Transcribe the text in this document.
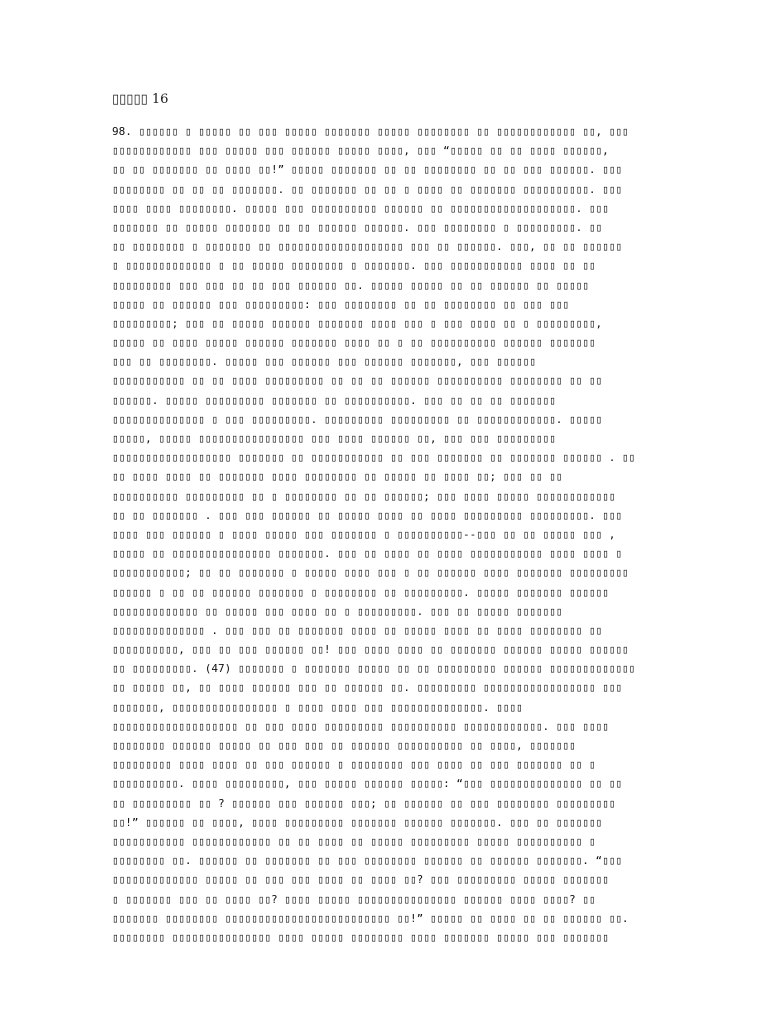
▯▯▯▯▯ 16
98. ▯▯▯▯▯▯ ▯ ▯▯▯▯▯ ▯▯ ▯▯▯ ▯▯▯▯▯ ▯▯▯▯▯▯▯ ▯▯▯▯▯ ▯▯▯▯▯▯▯▯ ▯▯ ▯▯▯▯▯▯▯▯▯▯▯▯ ▯▯, ▯▯▯
▯▯▯▯▯▯▯▯▯▯▯▯ ▯▯▯ ▯▯▯▯▯ ▯▯▯ ▯▯▯▯▯▯ ▯▯▯▯▯ ▯▯▯▯, ▯▯▯ “▯▯▯▯▯ ▯▯ ▯▯ ▯▯▯▯ ▯▯▯▯▯▯,
▯▯ ▯▯ ▯▯▯▯▯▯▯ ▯▯ ▯▯▯▯ ▯▯!” ▯▯▯▯▯ ▯▯▯▯▯▯▯ ▯▯ ▯▯ ▯▯▯▯▯▯▯▯ ▯▯ ▯▯ ▯▯▯ ▯▯▯▯▯▯. ▯▯▯
▯▯▯▯▯▯▯▯ ▯▯ ▯▯ ▯▯ ▯▯▯▯▯▯▯. ▯▯ ▯▯▯▯▯▯▯ ▯▯ ▯▯ ▯ ▯▯▯▯ ▯▯ ▯▯▯▯▯▯▯ ▯▯▯▯▯▯▯▯▯▯. ▯▯▯
▯▯▯▯ ▯▯▯▯ ▯▯▯▯▯▯▯▯. ▯▯▯▯▯ ▯▯▯ ▯▯▯▯▯▯▯▯▯▯ ▯▯▯▯▯▯ ▯▯ ▯▯▯▯▯▯▯▯▯▯▯▯▯▯▯▯▯▯▯. ▯▯▯
▯▯▯▯▯▯▯ ▯▯ ▯▯▯▯▯ ▯▯▯▯▯▯▯ ▯▯ ▯▯ ▯▯▯▯▯▯ ▯▯▯▯▯▯. ▯▯▯ ▯▯▯▯▯▯▯▯ ▯ ▯▯▯▯▯▯▯▯▯. ▯▯
▯▯ ▯▯▯▯▯▯▯▯ ▯ ▯▯▯▯▯▯▯ ▯▯ ▯▯▯▯▯▯▯▯▯▯▯▯▯▯▯▯▯▯▯ ▯▯▯ ▯▯ ▯▯▯▯▯▯. ▯▯▯, ▯▯ ▯▯ ▯▯▯▯▯▯
▯ ▯▯▯▯▯▯▯▯▯▯▯▯▯ ▯ ▯▯ ▯▯▯▯▯ ▯▯▯▯▯▯▯▯ ▯ ▯▯▯▯▯▯▯. ▯▯▯ ▯▯▯▯▯▯▯▯▯▯▯ ▯▯▯▯ ▯▯ ▯▯
▯▯▯▯▯▯▯▯▯ ▯▯▯ ▯▯▯ ▯▯ ▯▯ ▯▯▯ ▯▯▯▯▯▯ ▯▯. ▯▯▯▯▯ ▯▯▯▯▯ ▯▯ ▯▯ ▯▯▯▯▯▯ ▯▯ ▯▯▯▯▯
▯▯▯▯▯ ▯▯ ▯▯▯▯▯▯ ▯▯▯ ▯▯▯▯▯▯▯▯▯: ▯▯▯ ▯▯▯▯▯▯▯▯ ▯▯ ▯▯ ▯▯▯▯▯▯▯▯ ▯▯ ▯▯▯ ▯▯▯
▯▯▯▯▯▯▯▯▯; ▯▯▯ ▯▯ ▯▯▯▯▯ ▯▯▯▯▯▯ ▯▯▯▯▯▯▯ ▯▯▯▯ ▯▯▯ ▯ ▯▯▯ ▯▯▯▯ ▯▯ ▯ ▯▯▯▯▯▯▯▯▯,
▯▯▯▯▯ ▯▯ ▯▯▯▯ ▯▯▯▯▯ ▯▯▯▯▯▯ ▯▯▯▯▯▯▯ ▯▯▯▯ ▯▯ ▯ ▯▯ ▯▯▯▯▯▯▯▯▯▯ ▯▯▯▯▯▯ ▯▯▯▯▯▯▯
▯▯▯ ▯▯ ▯▯▯▯▯▯▯▯. ▯▯▯▯▯ ▯▯▯ ▯▯▯▯▯▯ ▯▯▯ ▯▯▯▯▯▯ ▯▯▯▯▯▯▯, ▯▯▯ ▯▯▯▯▯▯
▯▯▯▯▯▯▯▯▯▯▯ ▯▯ ▯▯ ▯▯▯▯ ▯▯▯▯▯▯▯▯▯ ▯▯ ▯▯ ▯▯ ▯▯▯▯▯▯ ▯▯▯▯▯▯▯▯▯▯ ▯▯▯▯▯▯▯▯ ▯▯ ▯▯
▯▯▯▯▯▯. ▯▯▯▯▯ ▯▯▯▯▯▯▯▯▯ ▯▯▯▯▯▯▯ ▯▯ ▯▯▯▯▯▯▯▯▯▯. ▯▯▯ ▯▯ ▯▯ ▯▯ ▯▯▯▯▯▯▯
▯▯▯▯▯▯▯▯▯▯▯▯▯▯ ▯ ▯▯▯ ▯▯▯▯▯▯▯▯▯. ▯▯▯▯▯▯▯▯▯ ▯▯▯▯▯▯▯▯▯ ▯▯ ▯▯▯▯▯▯▯▯▯▯▯▯. ▯▯▯▯▯
▯▯▯▯▯, ▯▯▯▯▯ ▯▯▯▯▯▯▯▯▯▯▯▯▯▯▯▯ ▯▯▯ ▯▯▯▯ ▯▯▯▯▯▯ ▯▯, ▯▯▯ ▯▯▯ ▯▯▯▯▯▯▯▯▯
▯▯▯▯▯▯▯▯▯▯▯▯▯▯▯▯▯▯ ▯▯▯▯▯▯▯ ▯▯ ▯▯▯▯▯▯▯▯▯▯▯ ▯▯ ▯▯▯ ▯▯▯▯▯▯▯ ▯▯ ▯▯▯▯▯▯▯ ▯▯▯▯▯▯ . ▯▯
▯▯ ▯▯▯▯ ▯▯▯▯ ▯▯ ▯▯▯▯▯▯▯ ▯▯▯▯ ▯▯▯▯▯▯▯▯ ▯▯ ▯▯▯▯▯ ▯▯ ▯▯▯▯ ▯▯; ▯▯▯ ▯▯ ▯▯
▯▯▯▯▯▯▯▯▯▯ ▯▯▯▯▯▯▯▯▯ ▯▯ ▯ ▯▯▯▯▯▯▯▯ ▯▯ ▯▯ ▯▯▯▯▯▯; ▯▯▯ ▯▯▯▯ ▯▯▯▯▯ ▯▯▯▯▯▯▯▯▯▯▯▯
▯▯ ▯▯ ▯▯▯▯▯▯▯ . ▯▯▯ ▯▯▯ ▯▯▯▯▯▯ ▯▯ ▯▯▯▯▯ ▯▯▯▯ ▯▯ ▯▯▯▯ ▯▯▯▯▯▯▯▯▯ ▯▯▯▯▯▯▯▯▯. ▯▯▯
▯▯▯▯ ▯▯▯ ▯▯▯▯▯▯ ▯ ▯▯▯▯ ▯▯▯▯▯ ▯▯▯ ▯▯▯▯▯▯▯ ▯ ▯▯▯▯▯▯▯▯▯▯--▯▯▯ ▯▯ ▯▯ ▯▯▯▯▯ ▯▯▯ ,
▯▯▯▯▯ ▯▯ ▯▯▯▯▯▯▯▯▯▯▯▯▯▯▯ ▯▯▯▯▯▯▯. ▯▯▯ ▯▯ ▯▯▯▯ ▯▯ ▯▯▯▯ ▯▯▯▯▯▯▯▯▯▯▯ ▯▯▯▯ ▯▯▯▯ ▯
▯▯▯▯▯▯▯▯▯▯▯; ▯▯ ▯▯ ▯▯▯▯▯▯▯ ▯ ▯▯▯▯▯ ▯▯▯▯ ▯▯▯ ▯ ▯▯ ▯▯▯▯▯▯ ▯▯▯▯ ▯▯▯▯▯▯▯ ▯▯▯▯▯▯▯▯▯
▯▯▯▯▯▯ ▯ ▯▯ ▯▯ ▯▯▯▯▯▯ ▯▯▯▯▯▯▯ ▯ ▯▯▯▯▯▯▯▯ ▯▯ ▯▯▯▯▯▯▯▯▯. ▯▯▯▯▯ ▯▯▯▯▯▯▯ ▯▯▯▯▯▯
▯▯▯▯▯▯▯▯▯▯▯▯▯ ▯▯ ▯▯▯▯▯ ▯▯▯ ▯▯▯▯ ▯▯ ▯ ▯▯▯▯▯▯▯▯▯. ▯▯▯ ▯▯ ▯▯▯▯▯ ▯▯▯▯▯▯▯
▯▯▯▯▯▯▯▯▯▯▯▯▯▯ . ▯▯▯ ▯▯▯ ▯▯ ▯▯▯▯▯▯▯ ▯▯▯▯ ▯▯ ▯▯▯▯▯ ▯▯▯▯ ▯▯ ▯▯▯▯ ▯▯▯▯▯▯▯▯ ▯▯
▯▯▯▯▯▯▯▯▯▯, ▯▯▯ ▯▯ ▯▯▯ ▯▯▯▯▯▯ ▯▯! ▯▯▯ ▯▯▯▯ ▯▯▯▯ ▯▯ ▯▯▯▯▯▯▯ ▯▯▯▯▯▯ ▯▯▯▯▯ ▯▯▯▯▯▯
▯▯ ▯▯▯▯▯▯▯▯▯. (47) ▯▯▯▯▯▯▯ ▯ ▯▯▯▯▯▯▯ ▯▯▯▯▯ ▯▯ ▯▯ ▯▯▯▯▯▯▯▯▯ ▯▯▯▯▯▯ ▯▯▯▯▯▯▯▯▯▯▯▯▯
▯▯ ▯▯▯▯▯ ▯▯, ▯▯ ▯▯▯▯ ▯▯▯▯▯▯ ▯▯▯ ▯▯ ▯▯▯▯▯▯ ▯▯. ▯▯▯▯▯▯▯▯▯ ▯▯▯▯▯▯▯▯▯▯▯▯▯▯▯▯▯ ▯▯▯
▯▯▯▯▯▯▯, ▯▯▯▯▯▯▯▯▯▯▯▯▯▯▯▯ ▯ ▯▯▯▯ ▯▯▯▯ ▯▯▯ ▯▯▯▯▯▯▯▯▯▯▯▯▯▯. ▯▯▯▯
▯▯▯▯▯▯▯▯▯▯▯▯▯▯▯▯▯▯▯ ▯▯ ▯▯▯ ▯▯▯▯ ▯▯▯▯▯▯▯▯▯ ▯▯▯▯▯▯▯▯▯▯ ▯▯▯▯▯▯▯▯▯▯▯▯. ▯▯▯ ▯▯▯▯
▯▯▯▯▯▯▯▯ ▯▯▯▯▯▯ ▯▯▯▯▯ ▯▯ ▯▯▯ ▯▯▯ ▯▯ ▯▯▯▯▯▯ ▯▯▯▯▯▯▯▯▯▯ ▯▯ ▯▯▯▯, ▯▯▯▯▯▯▯
▯▯▯▯▯▯▯▯▯ ▯▯▯▯ ▯▯▯▯ ▯▯ ▯▯▯ ▯▯▯▯▯▯ ▯ ▯▯▯▯▯▯▯▯ ▯▯▯ ▯▯▯▯ ▯▯ ▯▯▯ ▯▯▯▯▯▯▯ ▯▯ ▯
▯▯▯▯▯▯▯▯▯▯. ▯▯▯▯ ▯▯▯▯▯▯▯▯▯, ▯▯▯ ▯▯▯▯▯ ▯▯▯▯▯▯ ▯▯▯▯▯: “▯▯▯ ▯▯▯▯▯▯▯▯▯▯▯▯▯▯ ▯▯ ▯▯
▯▯ ▯▯▯▯▯▯▯▯▯ ▯▯ ? ▯▯▯▯▯▯ ▯▯▯ ▯▯▯▯▯▯ ▯▯▯; ▯▯ ▯▯▯▯▯▯ ▯▯ ▯▯▯ ▯▯▯▯▯▯▯▯ ▯▯▯▯▯▯▯▯▯
▯▯!” ▯▯▯▯▯▯ ▯▯ ▯▯▯▯, ▯▯▯▯ ▯▯▯▯▯▯▯▯▯ ▯▯▯▯▯▯▯ ▯▯▯▯▯▯ ▯▯▯▯▯▯▯. ▯▯▯ ▯▯ ▯▯▯▯▯▯▯
▯▯▯▯▯▯▯▯▯▯▯ ▯▯▯▯▯▯▯▯▯▯▯▯ ▯▯ ▯▯ ▯▯▯▯ ▯▯ ▯▯▯▯▯ ▯▯▯▯▯▯▯▯▯ ▯▯▯▯▯ ▯▯▯▯▯▯▯▯▯▯ ▯
▯▯▯▯▯▯▯▯ ▯▯. ▯▯▯▯▯▯ ▯▯ ▯▯▯▯▯▯▯ ▯▯ ▯▯▯ ▯▯▯▯▯▯▯▯ ▯▯▯▯▯▯ ▯▯ ▯▯▯▯▯▯ ▯▯▯▯▯▯▯. “▯▯▯
▯▯▯▯▯▯▯▯▯▯▯▯▯ ▯▯▯▯▯ ▯▯ ▯▯▯ ▯▯▯ ▯▯▯▯ ▯▯ ▯▯▯▯ ▯▯? ▯▯▯ ▯▯▯▯▯▯▯▯▯ ▯▯▯▯▯ ▯▯▯▯▯▯▯
▯ ▯▯▯▯▯▯▯ ▯▯▯ ▯▯ ▯▯▯▯ ▯▯? ▯▯▯▯ ▯▯▯▯▯ ▯▯▯▯▯▯▯▯▯▯▯▯▯▯▯ ▯▯▯▯▯▯ ▯▯▯▯ ▯▯▯▯? ▯▯
▯▯▯▯▯▯▯ ▯▯▯▯▯▯▯▯ ▯▯▯▯▯▯▯▯▯▯▯▯▯▯▯▯▯▯▯▯▯▯▯▯▯ ▯▯!” ▯▯▯▯▯ ▯▯ ▯▯▯▯ ▯▯ ▯▯ ▯▯▯▯▯▯ ▯▯.
▯▯▯▯▯▯▯▯ ▯▯▯▯▯▯▯▯▯▯▯▯▯▯▯ ▯▯▯▯ ▯▯▯▯▯ ▯▯▯▯▯▯▯▯ ▯▯▯▯ ▯▯▯▯▯▯▯ ▯▯▯▯▯ ▯▯▯ ▯▯▯▯▯▯▯
